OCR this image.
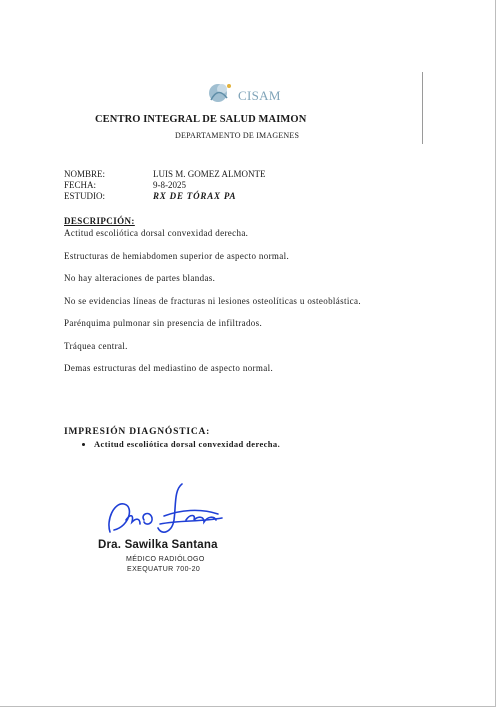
CISAM
CENTRO INTEGRAL DE SALUD MAIMON
DEPARTAMENTO DE IMAGENES
NOMBRE:	LUIS M. GOMEZ ALMONTE
FECHA:	9-8-2025
ESTUDIO:	RX DE TÓRAX PA
DESCRIPCIÓN:

Actitud escoliótica dorsal convexidad derecha.

Estructuras de hemiabdomen superior de aspecto normal.

No hay alteraciones de partes blandas.

No se evidencias líneas de fracturas ni lesiones osteolíticas u osteoblástica.

Parénquima pulmonar sin presencia de infiltrados.

Tráquea central.

Demas estructuras del mediastino de aspecto normal.

IMPRESIÓN DIAGNÓSTICA:
• Actitud escoliótica dorsal convexidad derecha.
Dra. Sawilka Santana
MÉDICO RADIÓLOGO
EXEQUATUR 700-20
